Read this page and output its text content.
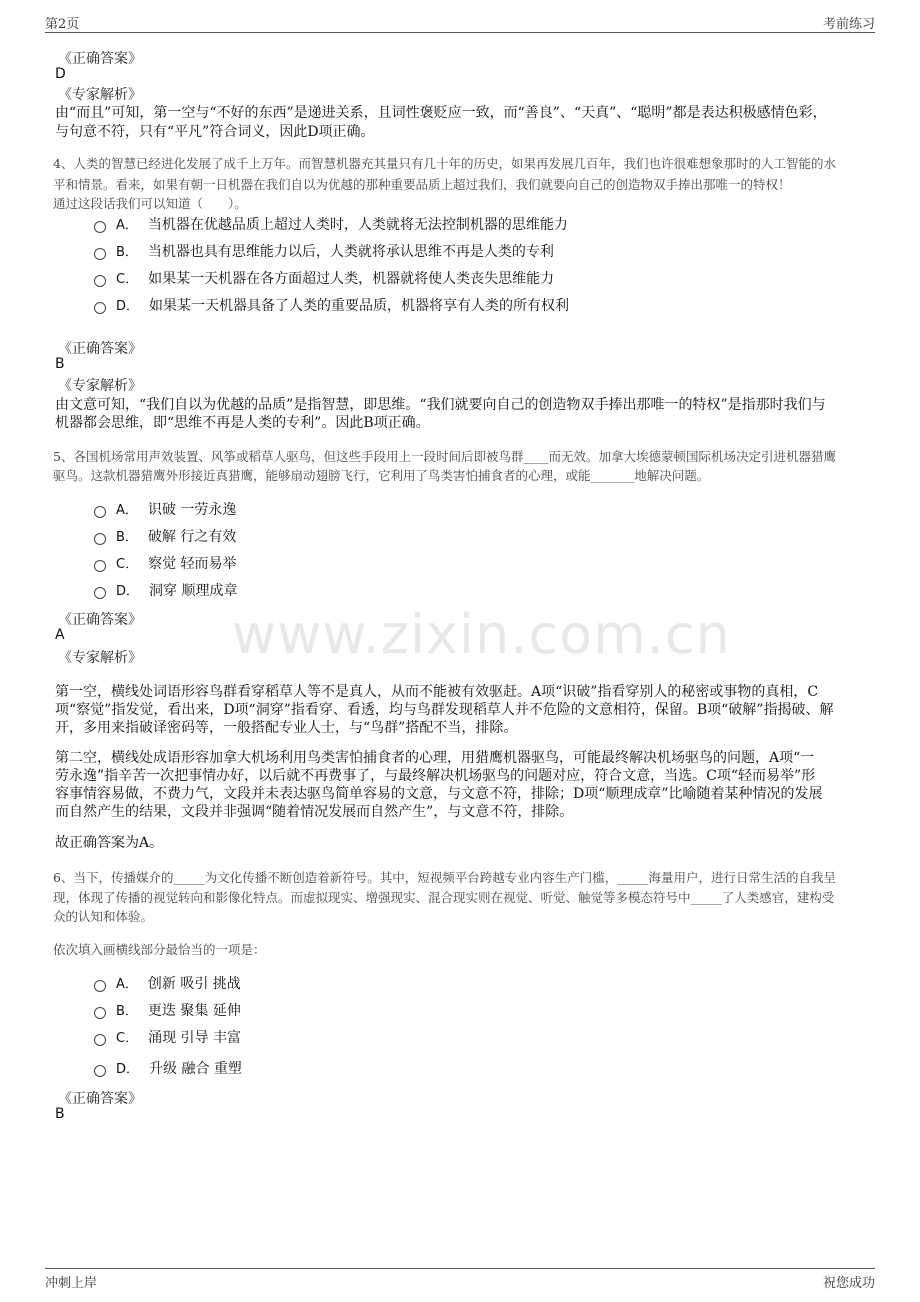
第2页	考前练习
www.zixin.com.cn
《正确答案》
D
《专家解析》
由“而且”可知，第一空与“不好的东西”是递进关系，且词性褒贬应一致，而“善良”、“天真”、“聪明”都是表达积极感情色彩，
与句意不符，只有“平凡”符合词义，因此D项正确。
4、人类的智慧已经进化发展了成千上万年。而智慧机器充其量只有几十年的历史，如果再发展几百年，我们也许很难想象那时的人工智能的水
平和情景。看来，如果有朝一日机器在我们自以为优越的那种重要品质上超过我们，我们就要向自己的创造物双手捧出那唯一的特权！
通过这段话我们可以知道（　　）。
A． 当机器在优越品质上超过人类时，人类就将无法控制机器的思维能力
B． 当机器也具有思维能力以后，人类就将承认思维不再是人类的专利
C． 如果某一天机器在各方面超过人类，机器就将使人类丧失思维能力
D． 如果某一天机器具备了人类的重要品质，机器将享有人类的所有权利
《正确答案》
B
《专家解析》
由文意可知，“我们自以为优越的品质”是指智慧，即思维。“我们就要向自己的创造物双手捧出那唯一的特权”是指那时我们与
机器都会思维，即“思维不再是人类的专利”。因此B项正确。
5、各国机场常用声效装置、风筝或稻草人驱鸟，但这些手段用上一段时间后即被鸟群____而无效。加拿大埃德蒙顿国际机场决定引进机器猎鹰
驱鸟。这款机器猎鹰外形接近真猎鹰，能够扇动翅膀飞行，它利用了鸟类害怕捕食者的心理，或能_______地解决问题。
A． 识破 一劳永逸
B． 破解 行之有效
C． 察觉 轻而易举
D． 洞穿 顺理成章
《正确答案》
A
《专家解析》
第一空，横线处词语形容鸟群看穿稻草人等不是真人，从而不能被有效驱赶。A项“识破”指看穿别人的秘密或事物的真相，C
项“察觉”指发觉，看出来，D项“洞穿”指看穿、看透，均与鸟群发现稻草人并不危险的文意相符，保留。B项“破解”指揭破、解
开，多用来指破译密码等，一般搭配专业人士，与“鸟群”搭配不当，排除。
第二空，横线处成语形容加拿大机场利用鸟类害怕捕食者的心理，用猎鹰机器驱鸟，可能最终解决机场驱鸟的问题，A项“一
劳永逸”指辛苦一次把事情办好，以后就不再费事了，与最终解决机场驱鸟的问题对应，符合文意，当选。C项“轻而易举”形
容事情容易做，不费力气，文段并未表达驱鸟简单容易的文意，与文意不符，排除；D项“顺理成章”比喻随着某种情况的发展
而自然产生的结果，文段并非强调“随着情况发展而自然产生”，与文意不符，排除。
故正确答案为A。
6、当下，传播媒介的_____为文化传播不断创造着新符号。其中，短视频平台跨越专业内容生产门槛，_____海量用户，进行日常生活的自我呈
现，体现了传播的视觉转向和影像化特点。而虚拟现实、增强现实、混合现实则在视觉、听觉、触觉等多模态符号中_____了人类感官，建构受
众的认知和体验。
依次填入画横线部分最恰当的一项是：
A． 创新 吸引 挑战
B． 更迭 聚集 延伸
C． 涌现 引导 丰富
D． 升级 融合 重塑
《正确答案》
B
冲刺上岸	祝您成功
